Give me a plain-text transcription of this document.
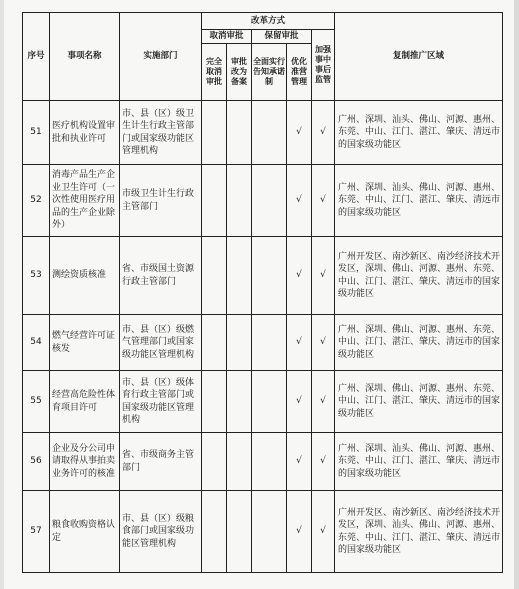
序号	事项名称	实施部门	改革方式					复制推广区域
			取消审批		保留审批		加强事中事后监管	
			完全取消审批	审批改为备案	全面实行告知承诺制	优化准营管理		
51	医疗机构设置审批和执业许可	市、县（区）级卫生计生行政主管部门或国家级功能区管理机构				√	√	广州、深圳、汕头、佛山、河源、惠州、东莞、中山、江门、湛江、肇庆、清远市的国家级功能区
52	消毒产品生产企业卫生许可（一次性使用医疗用品的生产企业除外）	市级卫生计生行政主管部门				√	√	广州、深圳、汕头、佛山、河源、惠州、东莞、中山、江门、湛江、肇庆、清远市的国家级功能区
53	测绘资质核准	省、市级国土资源行政主管部门				√	√	广州开发区、南沙新区、南沙经济技术开发区，深圳、佛山、河源、惠州、东莞、中山、江门、湛江、肇庆、清远市的国家级功能区
54	燃气经营许可证核发	市、县（区）级燃气管理部门或国家级功能区管理机构				√	√	广州、深圳、佛山、河源、惠州、东莞、中山、江门、湛江、肇庆、清远市的国家级功能区
55	经营高危险性体育项目许可	市、县（区）级体育行政主管部门或国家级功能区管理机构				√	√	广州、深圳、佛山、河源、惠州、东莞、中山、江门、湛江、肇庆、清远市的国家级功能区
56	企业及分公司申请取得从事拍卖业务许可的核准	省、市级商务主管部门				√	√	广州、深圳、汕头、佛山、河源、惠州、东莞、中山、江门、湛江、肇庆、清远市的国家级功能区
57	粮食收购资格认定	市、县（区）级粮食部门或国家级功能区管理机构				√	√	广州开发区、南沙新区、南沙经济技术开发区，深圳、汕头、佛山、河源、惠州、东莞、中山、江门、湛江、肇庆、清远市的国家级功能区
